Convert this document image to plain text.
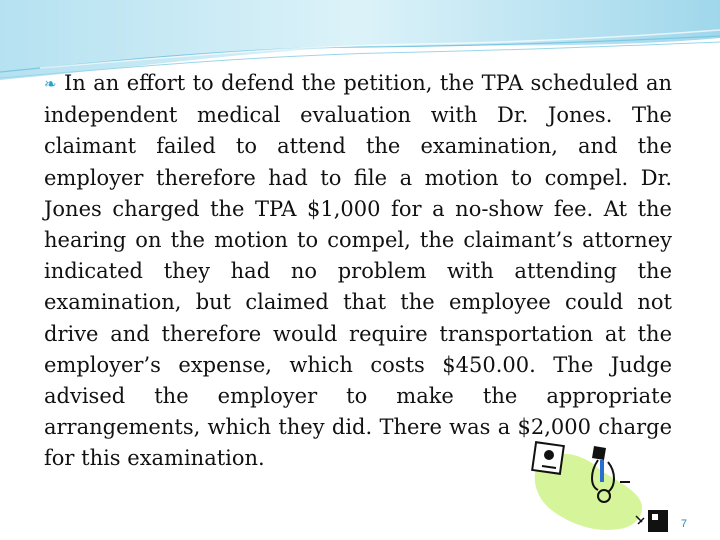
❧ In an effort to defend the petition, the TPA scheduled an independent medical evaluation with Dr. Jones. The claimant failed to attend the examination, and the employer therefore had to file a motion to compel. Dr. Jones charged the TPA $1,000 for a no-show fee. At the hearing on the motion to compel, the claimant’s attorney indicated they had no problem with attending the examination, but claimed that the employee could not drive and therefore would require transportation at the employer’s expense, which costs $450.00. The Judge advised the employer to make the appropriate arrangements, which they did. There was a $2,000 charge for this examination.

7
